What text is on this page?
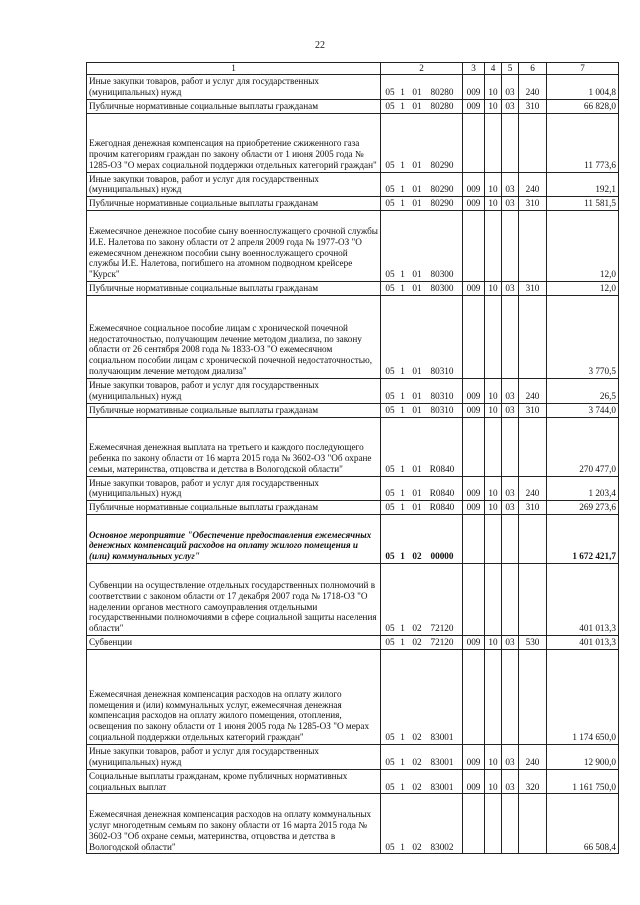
22
1	2	3	4	5	6	7

Иные закупки товаров, работ и услуг для государственных (муниципальных) нужд	05 1 01 80280	009	10	03	240	1 004,8

Публичные нормативные социальные выплаты гражданам	05 1 01 80280	009	10	03	310	66 828,0

Ежегодная денежная компенсация на приобретение сжиженного газа прочим категориям граждан по закону области от 1 июня 2005 года № 1285-ОЗ "О мерах социальной поддержки отдельных категорий граждан"	05 1 01 80290					11 773,6

Иные закупки товаров, работ и услуг для государственных (муниципальных) нужд	05 1 01 80290	009	10	03	240	192,1

Публичные нормативные социальные выплаты гражданам	05 1 01 80290	009	10	03	310	11 581,5

Ежемесячное денежное пособие сыну военнослужащего срочной службы И.Е. Налетова по закону области от 2 апреля 2009 года № 1977-ОЗ "О ежемесячном денежном пособии сыну военнослужащего срочной службы И.Е. Налетова, погибшего на атомном подводном крейсере "Курск"	05 1 01 80300					12,0

Публичные нормативные социальные выплаты гражданам	05 1 01 80300	009	10	03	310	12,0

Ежемесячное социальное пособие лицам с хронической почечной недостаточностью, получающим лечение методом диализа, по закону области от 26 сентября 2008 года № 1833-ОЗ "О ежемесячном социальном пособии лицам с хронической почечной недостаточностью, получающим лечение методом диализа"	05 1 01 80310					3 770,5

Иные закупки товаров, работ и услуг для государственных (муниципальных) нужд	05 1 01 80310	009	10	03	240	26,5

Публичные нормативные социальные выплаты гражданам	05 1 01 80310	009	10	03	310	3 744,0

Ежемесячная денежная выплата на третьего и каждого последующего ребенка по закону области от 16 марта 2015 года № 3602-ОЗ "Об охране семьи, материнства, отцовства и детства в Вологодской области"	05 1 01 R0840					270 477,0

Иные закупки товаров, работ и услуг для государственных (муниципальных) нужд	05 1 01 R0840	009	10	03	240	1 203,4

Публичные нормативные социальные выплаты гражданам	05 1 01 R0840	009	10	03	310	269 273,6

Основное мероприятие "Обеспечение предоставления ежемесячных денежных компенсаций расходов на оплату жилого помещения и (или) коммунальных услуг"	05 1 02 00000					1 672 421,7

Субвенции на осуществление отдельных государственных полномочий в соответствии с законом области от 17 декабря 2007 года № 1718-ОЗ "О наделении органов местного самоуправления отдельными государственными полномочиями в сфере социальной защиты населения области"	05 1 02 72120					401 013,3

Субвенции	05 1 02 72120	009	10	03	530	401 013,3

Ежемесячная денежная компенсация расходов на оплату жилого помещения и (или) коммунальных услуг, ежемесячная денежная компенсация расходов на оплату жилого помещения, отопления, освещения по закону области от 1 июня 2005 года № 1285-ОЗ "О мерах социальной поддержки отдельных категорий граждан"	05 1 02 83001					1 174 650,0

Иные закупки товаров, работ и услуг для государственных (муниципальных) нужд	05 1 02 83001	009	10	03	240	12 900,0

Социальные выплаты гражданам, кроме публичных нормативных социальных выплат	05 1 02 83001	009	10	03	320	1 161 750,0

Ежемесячная денежная компенсация расходов на оплату коммунальных услуг многодетным семьям по закону области от 16 марта 2015 года № 3602-ОЗ "Об охране семьи, материнства, отцовства и детства в Вологодской области"	05 1 02 83002					66 508,4
